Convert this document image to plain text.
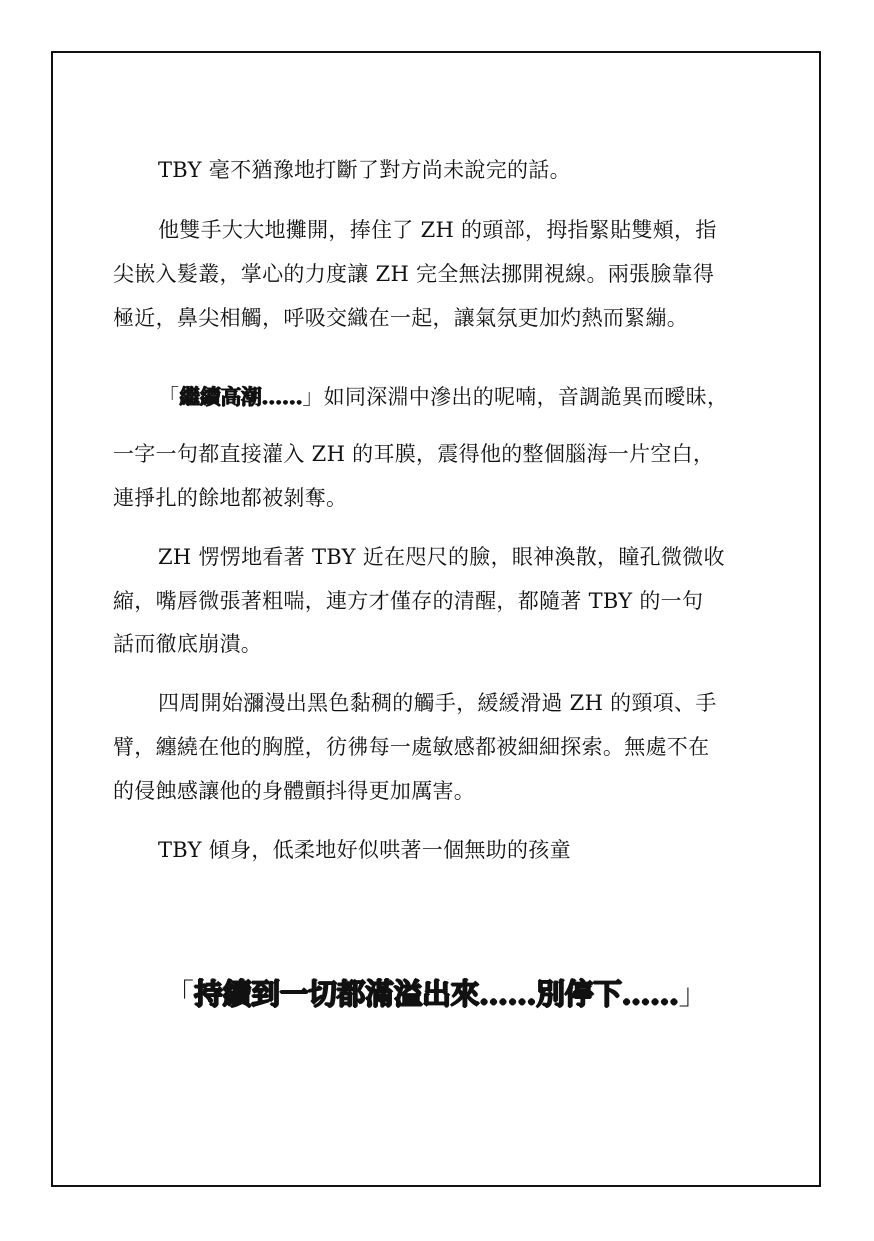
TBY 毫不猶豫地打斷了對方尚未說完的話。
他雙手大大地攤開，捧住了 ZH 的頭部，拇指緊貼雙頰，指
尖嵌入髮叢，掌心的力度讓 ZH 完全無法挪開視線。兩張臉靠得
極近，鼻尖相觸，呼吸交織在一起，讓氣氛更加灼熱而緊繃。
「繼續高潮……」如同深淵中滲出的呢喃，音調詭異而曖昧，
一字一句都直接灌入 ZH 的耳膜，震得他的整個腦海一片空白，
連掙扎的餘地都被剝奪。
ZH 愣愣地看著 TBY 近在咫尺的臉，眼神渙散，瞳孔微微收
縮，嘴唇微張著粗喘，連方才僅存的清醒，都隨著 TBY 的一句
話而徹底崩潰。
四周開始瀰漫出黑色黏稠的觸手，緩緩滑過 ZH 的頸項、手
臂，纏繞在他的胸膛，彷彿每一處敏感都被細細探索。無處不在
的侵蝕感讓他的身體顫抖得更加厲害。
TBY 傾身，低柔地好似哄著一個無助的孩童
「持續到一切都滿溢出來……別停下……」
